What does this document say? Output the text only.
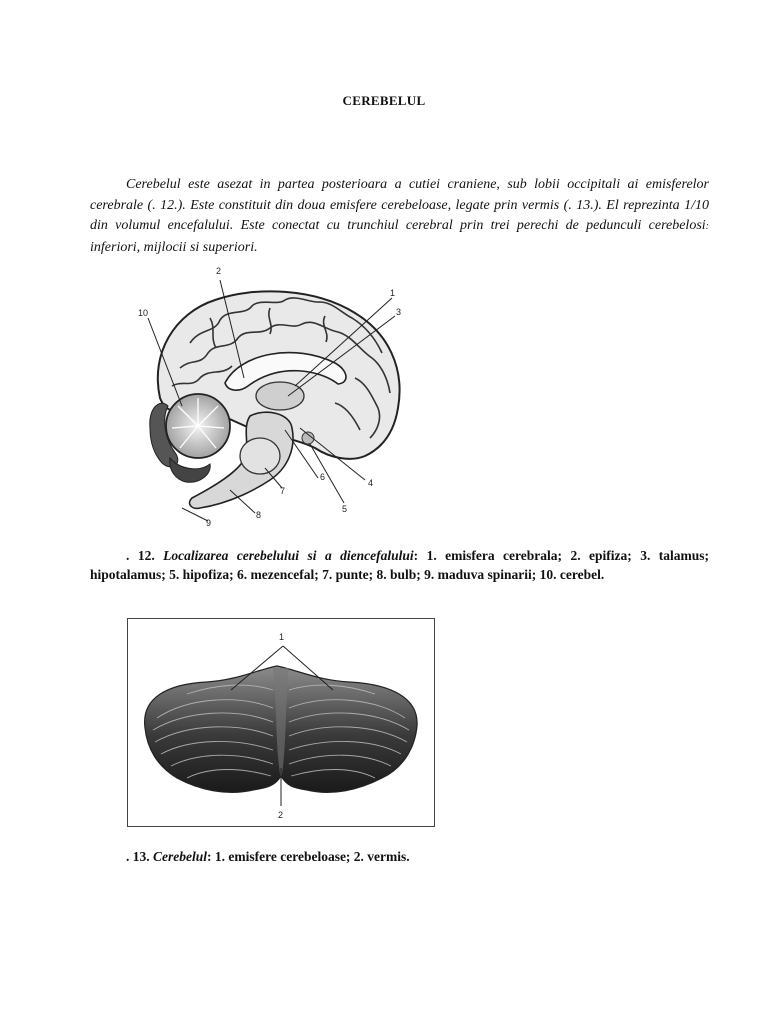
CEREBELUL
Cerebelul este asezat in partea posterioara a cutiei craniene, sub lobii occipitali ai emisferelor cerebrale (. 12.). Este constituit din doua emisfere cerebeloase, legate prin vermis (. 13.). El reprezinta 1/10 din volumul encefalului. Este conectat cu trunchiul cerebral prin trei perechi de pedunculi cerebelosi: inferiori, mijlocii si superiori.
2
10
1
3
4
5
6
7
8
9
. 12. Localizarea cerebelului si a diencefalului: 1. emisfera cerebrala; 2. epifiza; 3. talamus; hipotalamus; 5. hipofiza; 6. mezencefal; 7. punte; 8. bulb; 9. maduva spinarii; 10. cerebel.
1
2
. 13. Cerebelul: 1. emisfere cerebeloase; 2. vermis.
